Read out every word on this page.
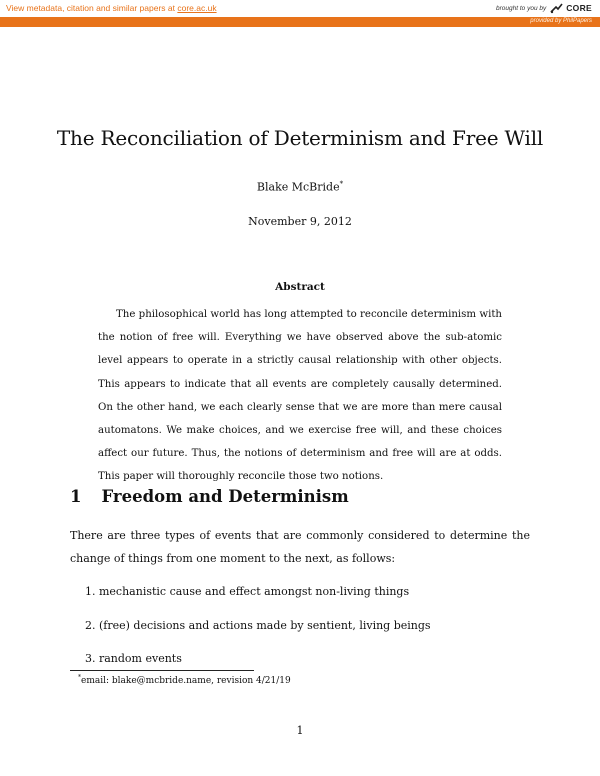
View metadata, citation and similar papers at core.ac.uk	brought to you by CORE
provided by PhilPapers
The Reconciliation of Determinism and Free Will
Blake McBride*
November 9, 2012
Abstract

The philosophical world has long attempted to reconcile determinism with the notion of free will. Everything we have observed above the sub-atomic level appears to operate in a strictly causal relationship with other objects. This appears to indicate that all events are completely causally determined. On the other hand, we each clearly sense that we are more than mere causal automatons. We make choices, and we exercise free will, and these choices affect our future. Thus, the notions of determinism and free will are at odds. This paper will thoroughly reconcile those two notions.

1 Freedom and Determinism

There are three types of events that are commonly considered to determine the change of things from one moment to the next, as follows:

1. mechanistic cause and effect amongst non-living things
2. (free) decisions and actions made by sentient, living beings
3. random events
*email: blake@mcbride.name, revision 4/21/19
1
